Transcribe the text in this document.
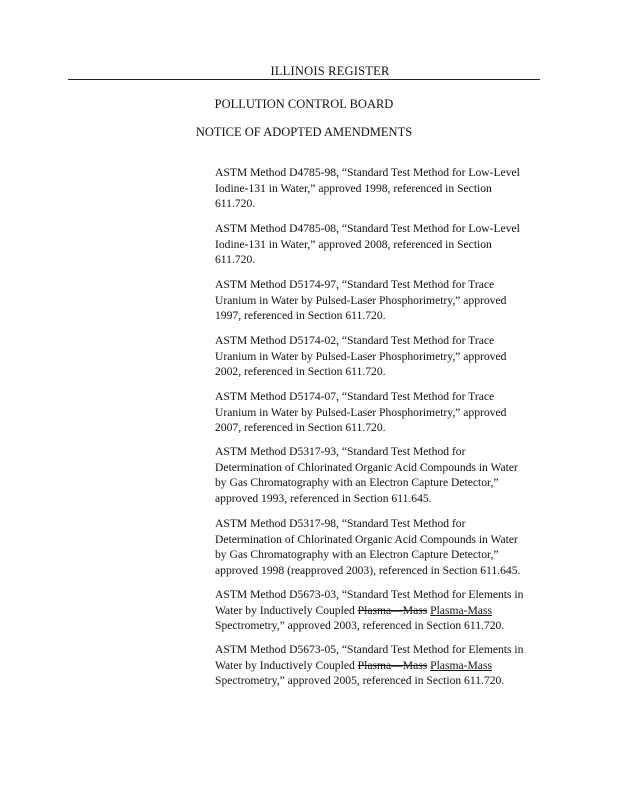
ILLINOIS REGISTER
POLLUTION CONTROL BOARD
NOTICE OF ADOPTED AMENDMENTS

ASTM Method D4785-98, “Standard Test Method for Low-Level
Iodine-131 in Water,” approved 1998, referenced in Section
611.720.

ASTM Method D4785-08, “Standard Test Method for Low-Level
Iodine-131 in Water,” approved 2008, referenced in Section
611.720.

ASTM Method D5174-97, “Standard Test Method for Trace
Uranium in Water by Pulsed-Laser Phosphorimetry,” approved
1997, referenced in Section 611.720.

ASTM Method D5174-02, “Standard Test Method for Trace
Uranium in Water by Pulsed-Laser Phosphorimetry,” approved
2002, referenced in Section 611.720.

ASTM Method D5174-07, “Standard Test Method for Trace
Uranium in Water by Pulsed-Laser Phosphorimetry,” approved
2007, referenced in Section 611.720.

ASTM Method D5317-93, “Standard Test Method for
Determination of Chlorinated Organic Acid Compounds in Water
by Gas Chromatography with an Electron Capture Detector,”
approved 1993, referenced in Section 611.645.

ASTM Method D5317-98, “Standard Test Method for
Determination of Chlorinated Organic Acid Compounds in Water
by Gas Chromatography with an Electron Capture Detector,”
approved 1998 (reapproved 2003), referenced in Section 611.645.

ASTM Method D5673-03, “Standard Test Method for Elements in
Water by Inductively Coupled Plasma—Mass Plasma-Mass
Spectrometry,” approved 2003, referenced in Section 611.720.

ASTM Method D5673-05, “Standard Test Method for Elements in
Water by Inductively Coupled Plasma—Mass Plasma-Mass
Spectrometry,” approved 2005, referenced in Section 611.720.
